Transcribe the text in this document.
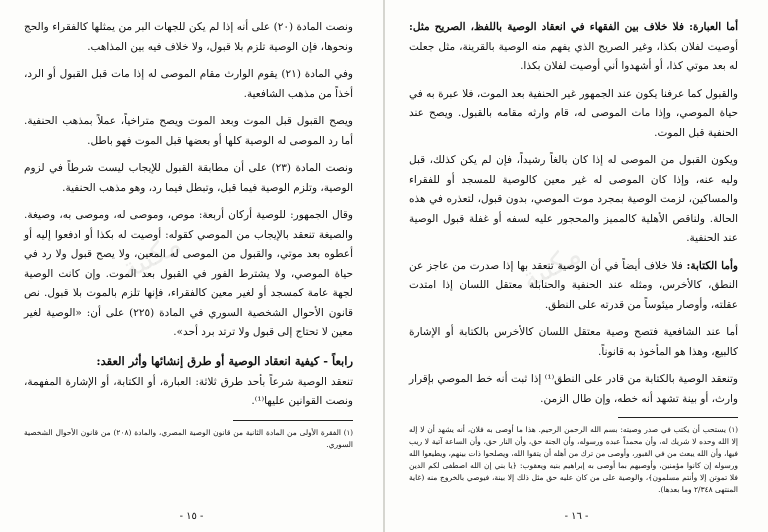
مكتبة	مكتبة

ونصت المادة (٢٠) على أنه إذا لم يكن للجهات البر من يمثلها كالفقراء والحج ونحوها، فإن الوصية تلزم بلا قبول، ولا خلاف فيه بين المذاهب.

وفي المادة (٢١) يقوم الوارث مقام الموصى له إذا مات قبل القبول أو الرد، أخذاً من مذهب الشافعية.

ويصح القبول قبل الموت وبعد الموت ويصح متراخياً، عملاً بمذهب الحنفية. أما رد الموصى له الوصية كلها أو بعضها قبل الموت فهو باطل.

ونصت المادة (٢٣) على أن مطابقة القبول للإيجاب ليست شرطاً في لزوم الوصية، وتلزم الوصية فيما قبل، وتبطل فيما رد، وهو مذهب الحنفية.

وقال الجمهور: للوصية أركان أربعة: موص، وموصى له، وموصى به، وصيغة. والصيغة تنعقد بالإيجاب من الموصي كقوله: أوصيت له بكذا أو ادفعوا إليه أو أعطوه بعد موتي، والقبول من الموصى له المعين، ولا يصح قبول ولا رد في حياة الموصي، ولا يشترط الفور في القبول بعد الموت. وإن كانت الوصية لجهة عامة كمسجد أو لغير معين كالفقراء، فإنها تلزم بالموت بلا قبول. نص قانون الأحوال الشخصية السوري في المادة (٢٢٥) على أن: «الوصية لغير معين لا تحتاج إلى قبول ولا ترتد برد أحد».

رابعاً - كيفية انعقاد الوصية أو طرق إنشائها وأثر العقد:

تنعقد الوصية شرعاً بأحد طرق ثلاثة: العبارة، أو الكتابة، أو الإشارة المفهمة، ونصت القوانين عليها⁽¹⁾.

(١) الفقرة الأولى من المادة الثانية من قانون الوصية المصري، والمادة (٢٠٨) من قانون الأحوال الشخصية السوري.

- ١٥ -

أما العبارة: فلا خلاف بين الفقهاء في انعقاد الوصية باللفظ، الصريح مثل: أوصيت لفلان بكذا، وغير الصريح الذي يفهم منه الوصية بالقرينة، مثل جعلت له بعد موتي كذا، أو أشهدوا أني أوصيت لفلان بكذا.

والقبول كما عرفنا يكون عند الجمهور غير الحنفية بعد الموت، فلا عبرة به في حياة الموصي، وإذا مات الموصى له، قام وارثه مقامه بالقبول. ويصح عند الحنفية قبل الموت.

ويكون القبول من الموصى له إذا كان بالغاً رشيداً، فإن لم يكن كذلك، قبل وليه عنه، وإذا كان الموصى له غير معين كالوصية للمسجد أو للفقراء والمساكين، لزمت الوصية بمجرد موت الموصي، بدون قبول، لتعذره في هذه الحالة. ولناقص الأهلية كالمميز والمحجور عليه لسفه أو غفلة قبول الوصية عند الحنفية.

وأما الكتابة: فلا خلاف أيضاً في أن الوصية تنعقد بها إذا صدرت من عاجز عن النطق، كالأخرس، ومثله عند الحنفية والحنابلة معتقل اللسان إذا امتدت عقلته، وأوصار ميئوساً من قدرته على النطق.

أما عند الشافعية فتصح وصية معتقل اللسان كالأخرس بالكتابة أو الإشارة كالبيع، وهذا هو المأخوذ به قانوناً.

وتنعقد الوصية بالكتابة من قادر على النطق⁽¹⁾ إذا ثبت أنه خط الموصي بإقرار وارث، أو بينة تشهد أنه خطه، وإن طال الزمن.

(١) يستحب أن يكتب في صدر وصيته: بسم الله الرحمن الرحيم. هذا ما أوصى به فلان، أنه يشهد أن لا إله إلا الله وحده لا شريك له، وأن محمداً عبده ورسوله، وأن الجنة حق، وأن النار حق، وأن الساعة آتية لا ريب فيها، وأن الله يبعث من في القبور، وأوصى من ترك من أهله أن يتقوا الله، ويصلحوا ذات بينهم، ويطيعوا الله ورسوله إن كانوا مؤمنين، وأوصيهم بما أوصى به إبراهيم بنيه ويعقوب: ﴿يا بني إن الله اصطفى لكم الدين فلا تموتن إلا وأنتم مسلمون﴾، والوصية على من كان عليه حق مثل ذلك إلا بينة، فيوصي بالخروج منه (غاية المنتهى ٢/٣٤٨ وما بعدها).

- ١٦ -
